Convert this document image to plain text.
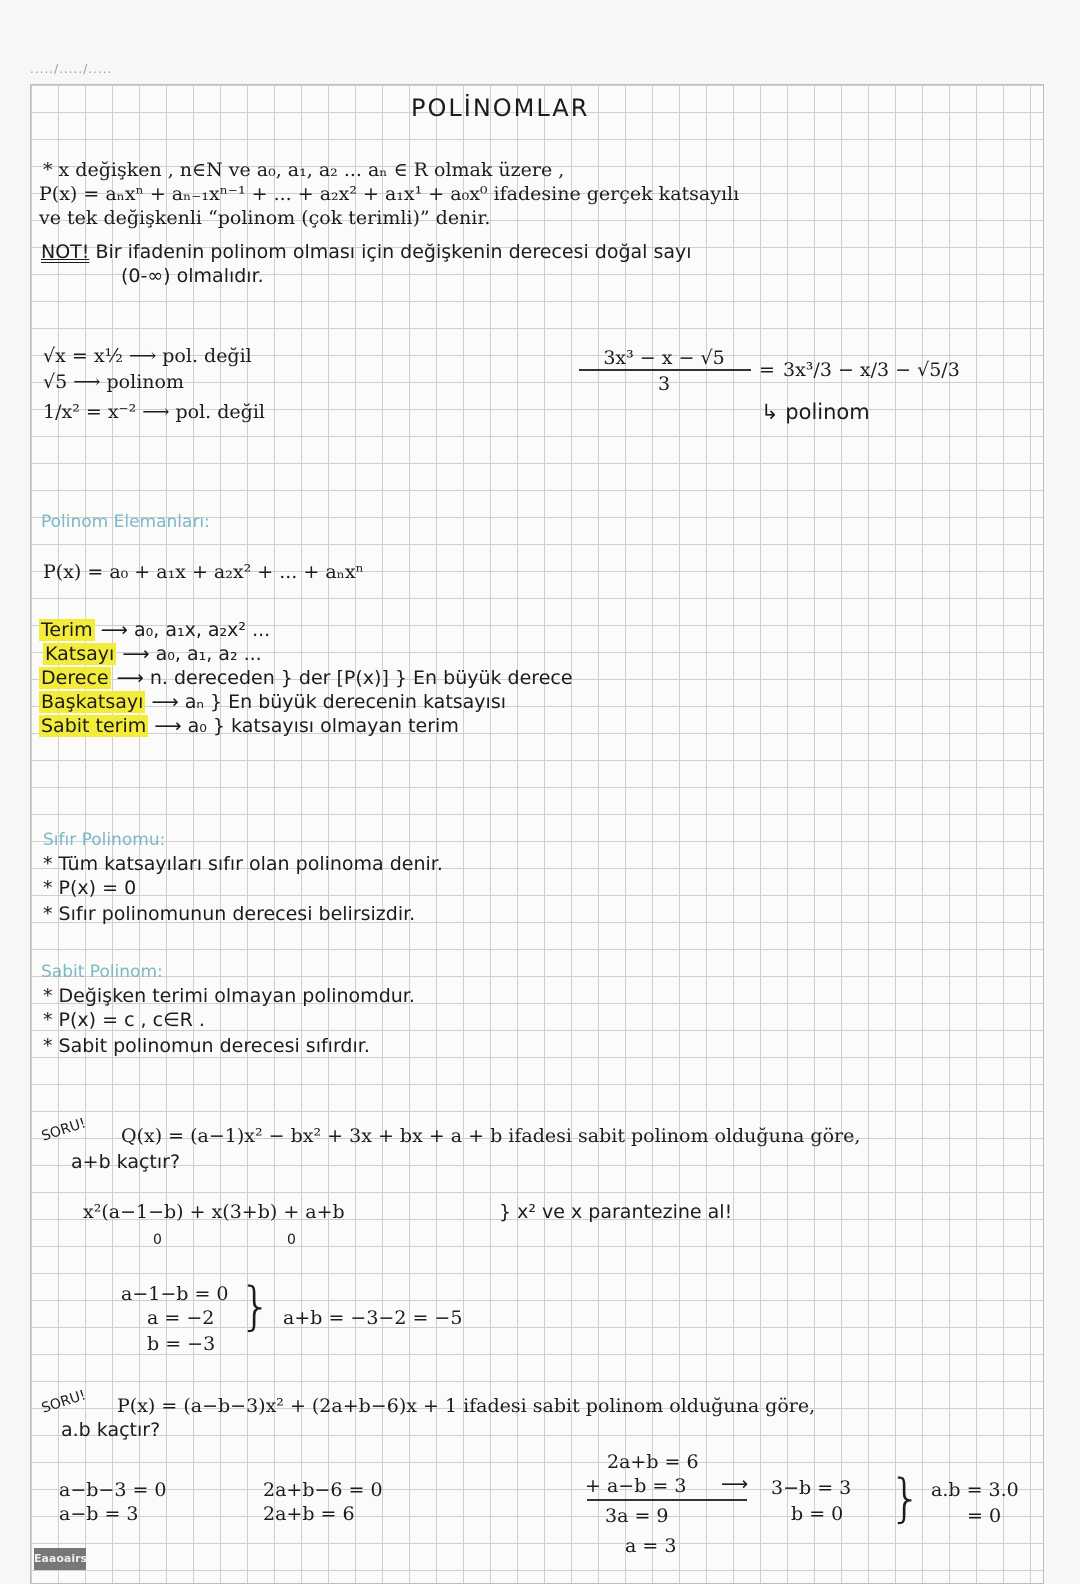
...../...../.....
POLİNOMLAR
* x değişken , n∈N ve a₀, a₁, a₂ ... aₙ ∈ R olmak üzere ,
P(x) = aₙxⁿ + aₙ₋₁xⁿ⁻¹ + ... + a₂x² + a₁x¹ + a₀x⁰ ifadesine gerçek katsayılı
ve tek değişkenli “polinom (çok terimli)” denir.
NOT! Bir ifadenin polinom olması için değişkenin derecesi doğal sayı
(0-∞) olmalıdır.
√x = x½ ⟶ pol. değil
√5 ⟶ polinom
1/x² = x⁻² ⟶ pol. değil
3x³ − x − √5
3
= 3x³/3 − x/3 − √5/3
↳ polinom
Polinom Elemanları:
P(x) = a₀ + a₁x + a₂x² + ... + aₙxⁿ
Terim ⟶ a₀, a₁x, a₂x² ...
Katsayı ⟶ a₀, a₁, a₂ ...
Derece ⟶ n. dereceden } der [P(x)] } En büyük derece
Başkatsayı ⟶ aₙ } En büyük derecenin katsayısı
Sabit terim ⟶ a₀ } katsayısı olmayan terim
Sıfır Polinomu:
* Tüm katsayıları sıfır olan polinoma denir.
* P(x) = 0
* Sıfır polinomunun derecesi belirsizdir.
Sabit Polinom:
* Değişken terimi olmayan polinomdur.
* P(x) = c , c∈R .
* Sabit polinomun derecesi sıfırdır.
SORU! Q(x) = (a−1)x² − bx² + 3x + bx + a + b ifadesi sabit polinom olduğuna göre,
a+b kaçtır?
x²(a−1−b) + x(3+b) + a+b
0	0
} x² ve x parantezine al!
a−1−b = 0
a = −2
b = −3
} a+b = −3−2 = −5
SORU! P(x) = (a−b−3)x² + (2a+b−6)x + 1 ifadesi sabit polinom olduğuna göre,
a.b kaçtır?
a−b−3 = 0
a−b = 3
2a+b−6 = 0
2a+b = 6
2a+b = 6
+ a−b = 3
3a = 9
a = 3
⟶ 3−b = 3
b = 0 } a.b = 3.0
= 0
Eaaoairs
